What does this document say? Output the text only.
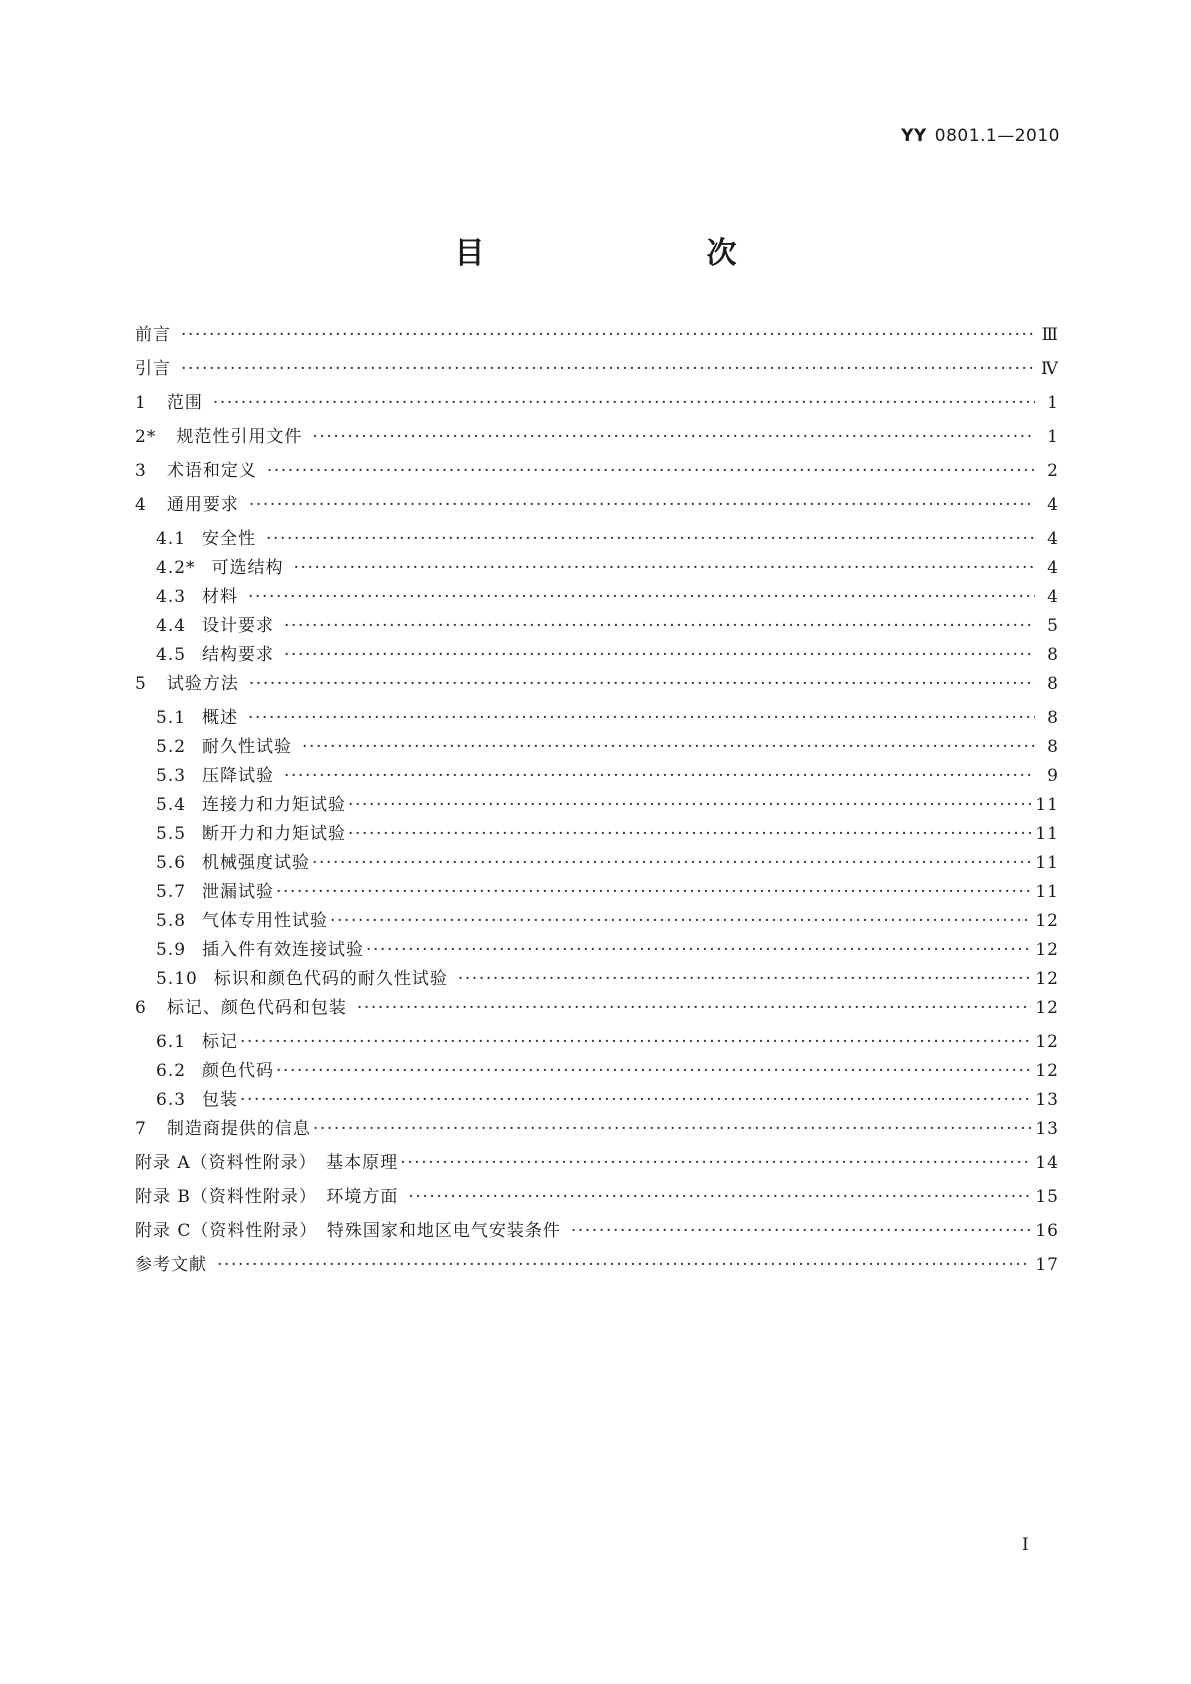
YY 0801.1—2010
目　　次
前言 ·····	Ⅲ
引言 ·····	Ⅳ
1 范围 ·····	1
2* 规范性引用文件 ·····	1
3 术语和定义 ·····	2
4 通用要求 ·····	4
4.1 安全性 ·····	4
4.2* 可选结构 ·····	4
4.3 材料 ·····	4
4.4 设计要求 ·····	5
4.5 结构要求 ·····	8
5 试验方法 ·····	8
5.1 概述 ·····	8
5.2 耐久性试验 ·····	8
5.3 压降试验 ·····	9
5.4 连接力和力矩试验 ·····	11
5.5 断开力和力矩试验 ·····	11
5.6 机械强度试验 ·····	11
5.7 泄漏试验 ·····	11
5.8 气体专用性试验 ·····	12
5.9 插入件有效连接试验 ·····	12
5.10 标识和颜色代码的耐久性试验 ·····	12
6 标记、颜色代码和包装 ·····	12
6.1 标记 ·····	12
6.2 颜色代码 ·····	12
6.3 包装 ·····	13
7 制造商提供的信息 ·····	13
附录 A（资料性附录）　基本原理 ·····	14
附录 B（资料性附录）　环境方面 ·····	15
附录 C（资料性附录）　特殊国家和地区电气安装条件 ·····	16
参考文献 ·····	17
I
